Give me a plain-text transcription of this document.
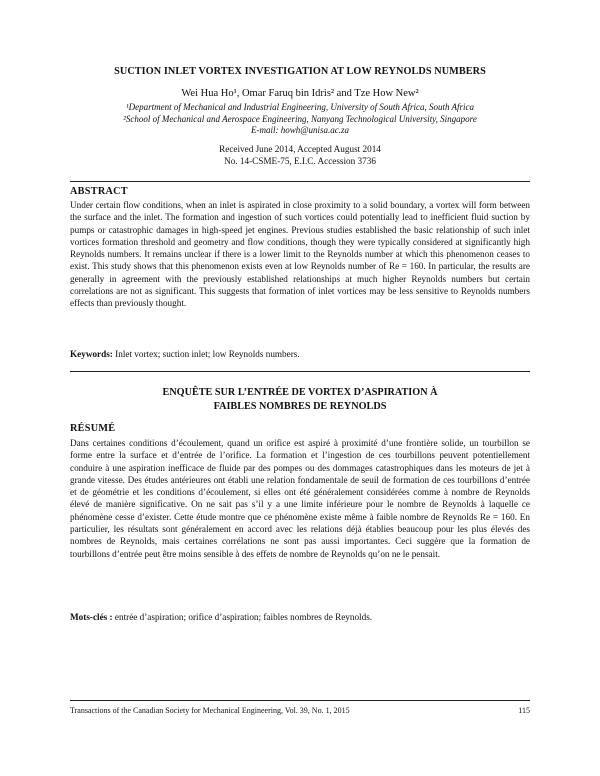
SUCTION INLET VORTEX INVESTIGATION AT LOW REYNOLDS NUMBERS
Wei Hua Ho¹, Omar Faruq bin Idris² and Tze How New²
¹Department of Mechanical and Industrial Engineering, University of South Africa, South Africa
²School of Mechanical and Aerospace Engineering, Nanyang Technological University, Singapore
E-mail: howh@unisa.ac.za
Received June 2014, Accepted August 2014
No. 14-CSME-75, E.I.C. Accession 3736
ABSTRACT
Under certain flow conditions, when an inlet is aspirated in close proximity to a solid boundary, a vortex will form between the surface and the inlet. The formation and ingestion of such vortices could potentially lead to inefficient fluid suction by pumps or catastrophic damages in high-speed jet engines. Previous studies established the basic relationship of such inlet vortices formation threshold and geometry and flow conditions, though they were typically considered at significantly high Reynolds numbers. It remains unclear if there is a lower limit to the Reynolds number at which this phenomenon ceases to exist. This study shows that this phenomenon exists even at low Reynolds number of Re = 160. In particular, the results are generally in agreement with the previously established relationships at much higher Reynolds numbers but certain correlations are not as significant. This suggests that formation of inlet vortices may be less sensitive to Reynolds numbers effects than previously thought.
Keywords: Inlet vortex; suction inlet; low Reynolds numbers.
ENQUÊTE SUR L’ENTRÉE DE VORTEX D’ASPIRATION À
FAIBLES NOMBRES DE REYNOLDS
RÉSUMÉ
Dans certaines conditions d’écoulement, quand un orifice est aspiré à proximité d’une frontière solide, un tourbillon se forme entre la surface et d’entrée de l’orifice. La formation et l’ingestion de ces tourbillons peuvent potentiellement conduire à une aspiration inefficace de fluide par des pompes ou des dommages catastrophiques dans les moteurs de jet à grande vitesse. Des études antérieures ont établi une relation fondamentale de seuil de formation de ces tourbillons d’entrée et de géométrie et les conditions d’écoulement, si elles ont été généralement considérées comme à nombre de Reynolds élevé de manière significative. On ne sait pas s’il y a une limite inférieure pour le nombre de Reynolds à laquelle ce phénomène cesse d’exister. Cette étude montre que ce phénomène existe même à faible nombre de Reynolds Re = 160. En particulier, les résultats sont généralement en accord avec les relations déjà établies beaucoup pour les plus élevés des nombres de Reynolds, mais certaines corrélations ne sont pas aussi importantes. Ceci suggère que la formation de tourbillons d’entrée peut être moins sensible à des effets de nombre de Reynolds qu’on ne le pensait.
Mots-clés : entrée d’aspiration; orifice d’aspiration; faibles nombres de Reynolds.
Transactions of the Canadian Society for Mechanical Engineering, Vol. 39, No. 1, 2015	115
